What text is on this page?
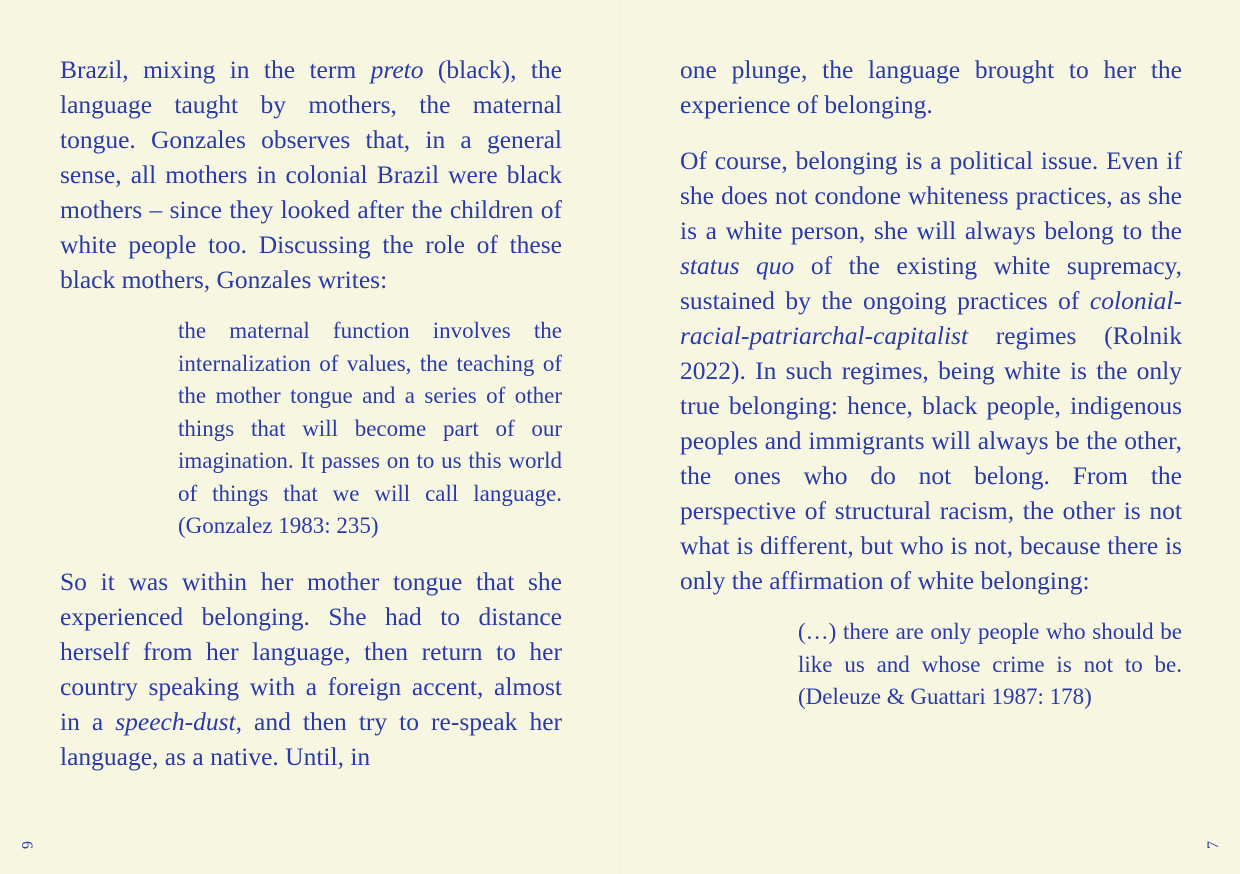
Brazil, mixing in the term preto (black), the language taught by mothers, the maternal tongue. Gonzales observes that, in a general sense, all mothers in colonial Brazil were black mothers – since they looked after the children of white people too. Discussing the role of these black mothers, Gonzales writes:

the maternal function involves the internalization of values, the teaching of the mother tongue and a series of other things that will become part of our imagination. It passes on to us this world of things that we will call language. (Gonzalez 1983: 235)

So it was within her mother tongue that she experienced belonging. She had to distance herself from her language, then return to her country speaking with a foreign accent, almost in a speech-dust, and then try to re-speak her language, as a native. Until, in

6

one plunge, the language brought to her the experience of belonging.

Of course, belonging is a political issue. Even if she does not condone whiteness practices, as she is a white person, she will always belong to the status quo of the existing white supremacy, sustained by the ongoing practices of colonial-racial-patriarchal-capitalist regimes (Rolnik 2022). In such regimes, being white is the only true belonging: hence, black people, indigenous peoples and immigrants will always be the other, the ones who do not belong. From the perspective of structural racism, the other is not what is different, but who is not, because there is only the affirmation of white belonging:

(…) there are only people who should be like us and whose crime is not to be. (Deleuze & Guattari 1987: 178)
7
